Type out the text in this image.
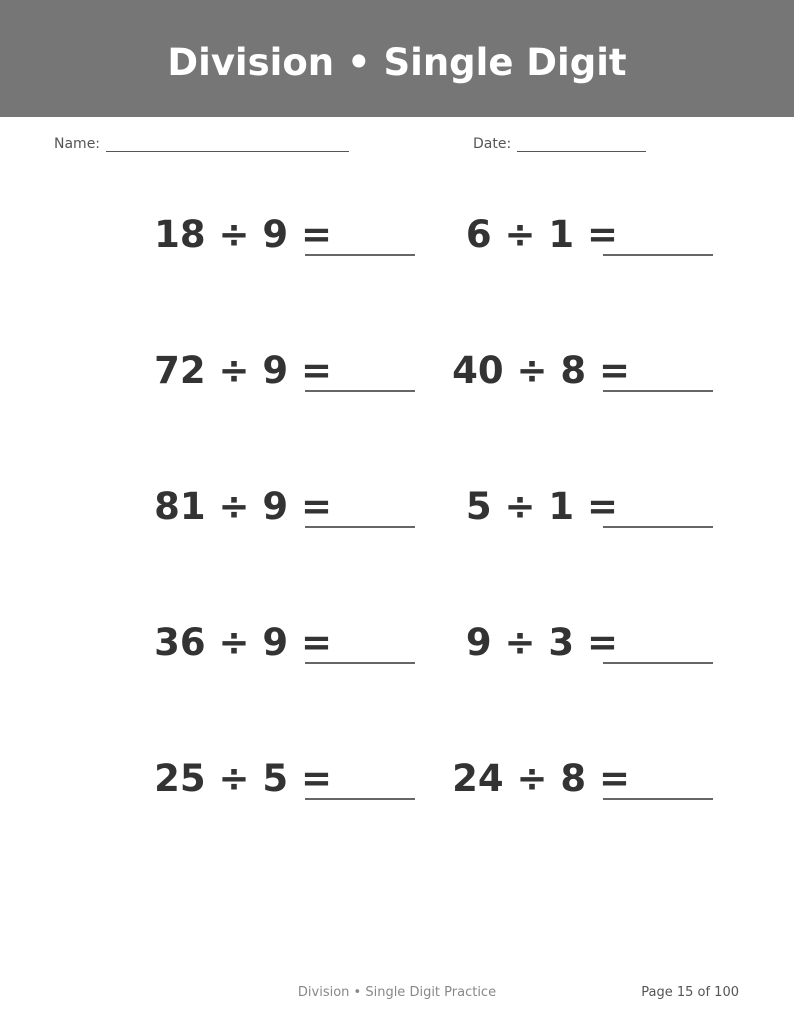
Division • Single Digit
Name:	Date:
18 ÷ 9 =
72 ÷ 9 =
81 ÷ 9 =
36 ÷ 9 =
25 ÷ 5 =
6 ÷ 1 =
40 ÷ 8 =
5 ÷ 1 =
9 ÷ 3 =
24 ÷ 8 =
Division • Single Digit Practice	Page 15 of 100
